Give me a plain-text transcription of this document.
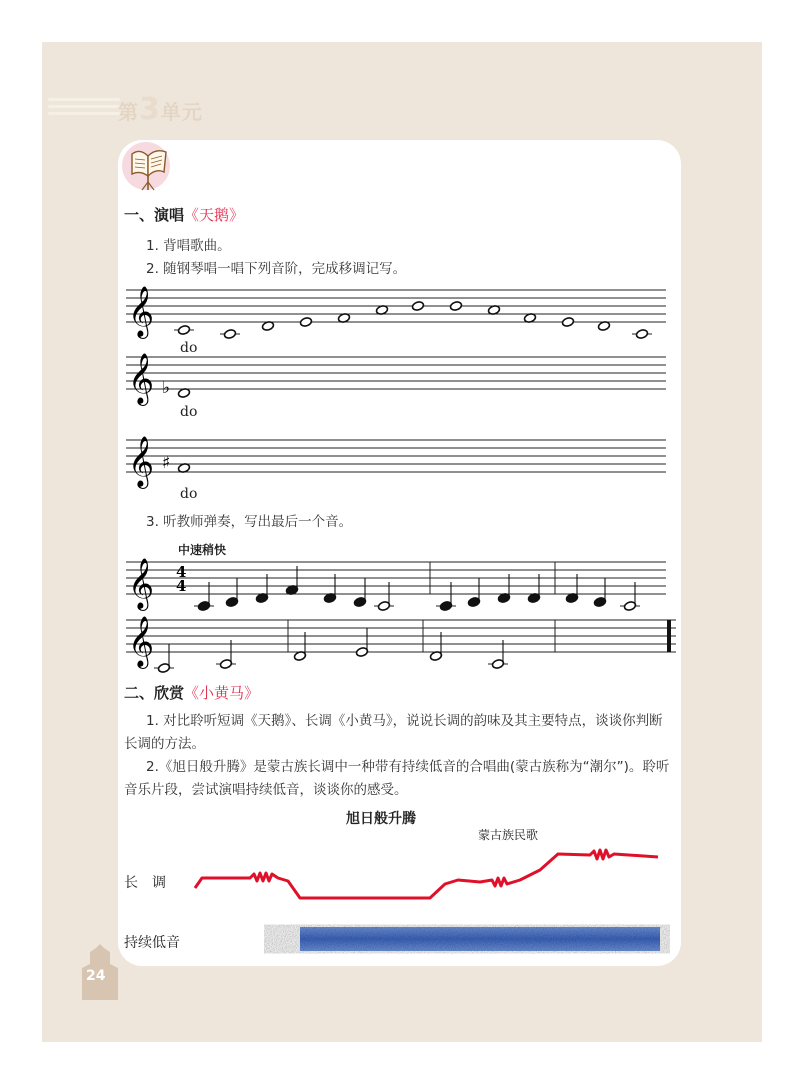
第3单元
一、演唱《天鹅》
1. 背唱歌曲。
2. 随钢琴唱一唱下列音阶，完成移调记写。
𝄞
𝄞
𝄞
𝄞
𝄞
♭
♯
4
4
do
do
do
3. 听教师弹奏，写出最后一个音。
中速稍快
二、欣赏《小黄马》
1. 对比聆听短调《天鹅》、长调《小黄马》，说说长调的韵味及其主要特点，谈谈你判断长调的方法。
2.《旭日般升腾》是蒙古族长调中一种带有持续低音的合唱曲(蒙古族称为“潮尔”)。聆听音乐片段，尝试演唱持续低音，谈谈你的感受。
旭日般升腾
蒙古族民歌
长　调
持续低音
24
